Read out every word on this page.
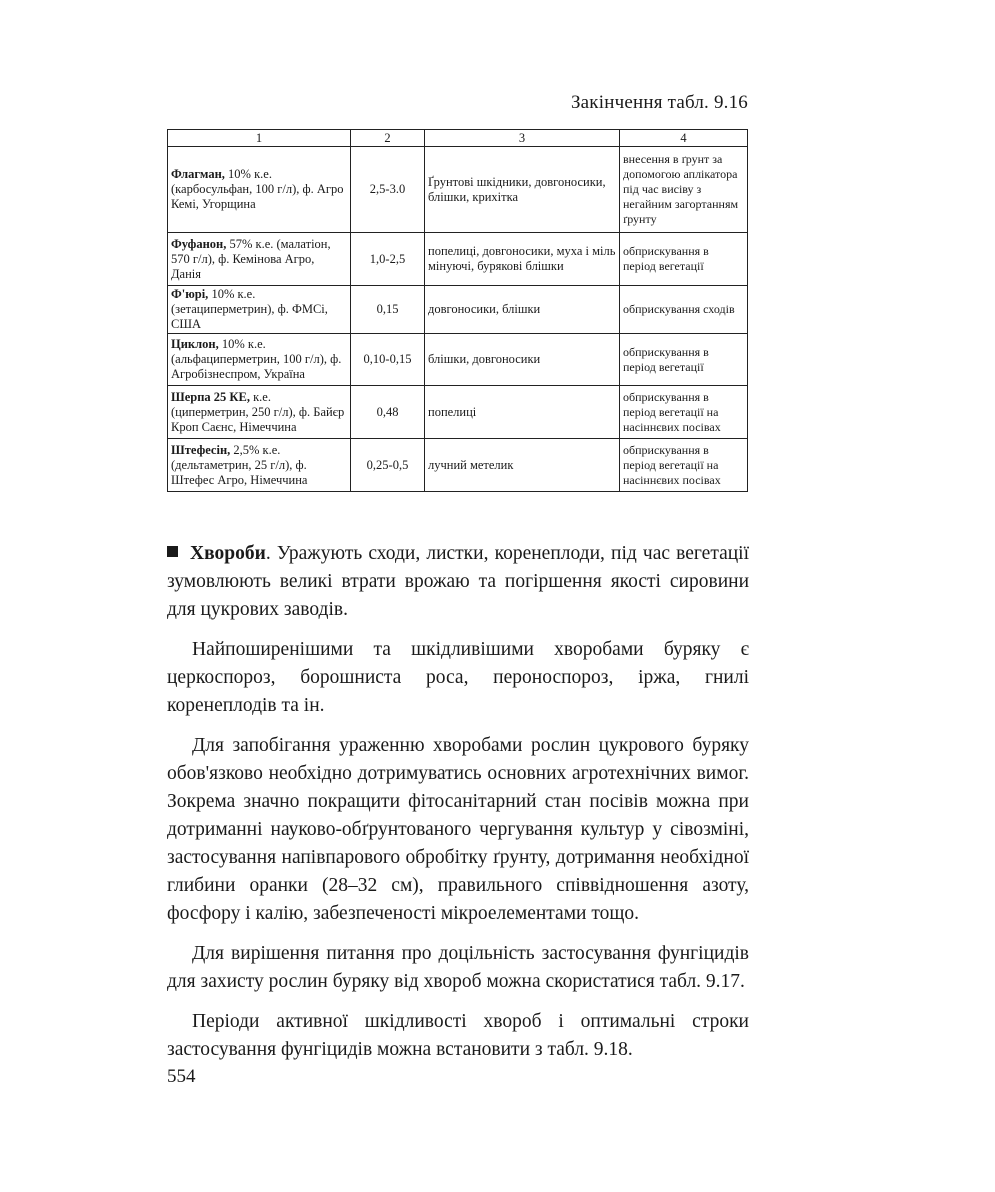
Закінчення табл. 9.16
1	2	3	4
Флагман, 10% к.е. (карбосульфан, 100 г/л), ф. Агро Кемі, Угорщина	2,5-3.0	Ґрунтові шкідники, довгоносики, блішки, крихітка	внесення в ґрунт за допомогою аплікатора під час висіву з негайним загортанням ґрунту
Фуфанон, 57% к.е. (малатіон, 570 г/л), ф. Кемінова Агро, Данія	1,0-2,5	попелиці, довгоносики, муха і міль мінуючі, бурякові блішки	обприскування в період вегетації
Ф'юрі, 10% к.е. (зетациперметрин), ф. ФМСі, США	0,15	довгоносики, блішки	обприскування сходів
Циклон, 10% к.е. (альфациперметрин, 100 г/л), ф. Агробізнеспром, Україна	0,10-0,15	блішки, довгоносики	обприскування в період вегетації
Шерпа 25 КЕ, к.е. (циперметрин, 250 г/л), ф. Байєр Кроп Саєнс, Німеччина	0,48	попелиці	обприскування в період вегетації на насіннєвих посівах
Штефесін, 2,5% к.е. (дельтаметрин, 25 г/л), ф. Штефес Агро, Німеччина	0,25-0,5	лучний метелик	обприскування в період вегетації на насіннєвих посівах

Хвороби. Уражують сходи, листки, коренеплоди, під час вегетації зумовлюють великі втрати врожаю та погіршення якості сировини для цукрових заводів.

Найпоширенішими та шкідливішими хворобами буряку є церкоспороз, борошниста роса, пероноспороз, іржа, гнилі коренеплодів та ін.

Для запобігання ураженню хворобами рослин цукрового буряку обов'язково необхідно дотримуватись основних агротехнічних вимог. Зокрема значно покращити фітосанітарний стан посівів можна при дотриманні науково-обґрунтованого чергування культур у сівозміні, застосування напівпарового обробітку ґрунту, дотримання необхідної глибини оранки (28–32 см), правильного співвідношення азоту, фосфору і калію, забезпеченості мікроелементами тощо.

Для вирішення питання про доцільність застосування фунгіцидів для захисту рослин буряку від хвороб можна скористатися табл. 9.17.

Періоди активної шкідливості хвороб і оптимальні строки застосування фунгіцидів можна встановити з табл. 9.18.

554
